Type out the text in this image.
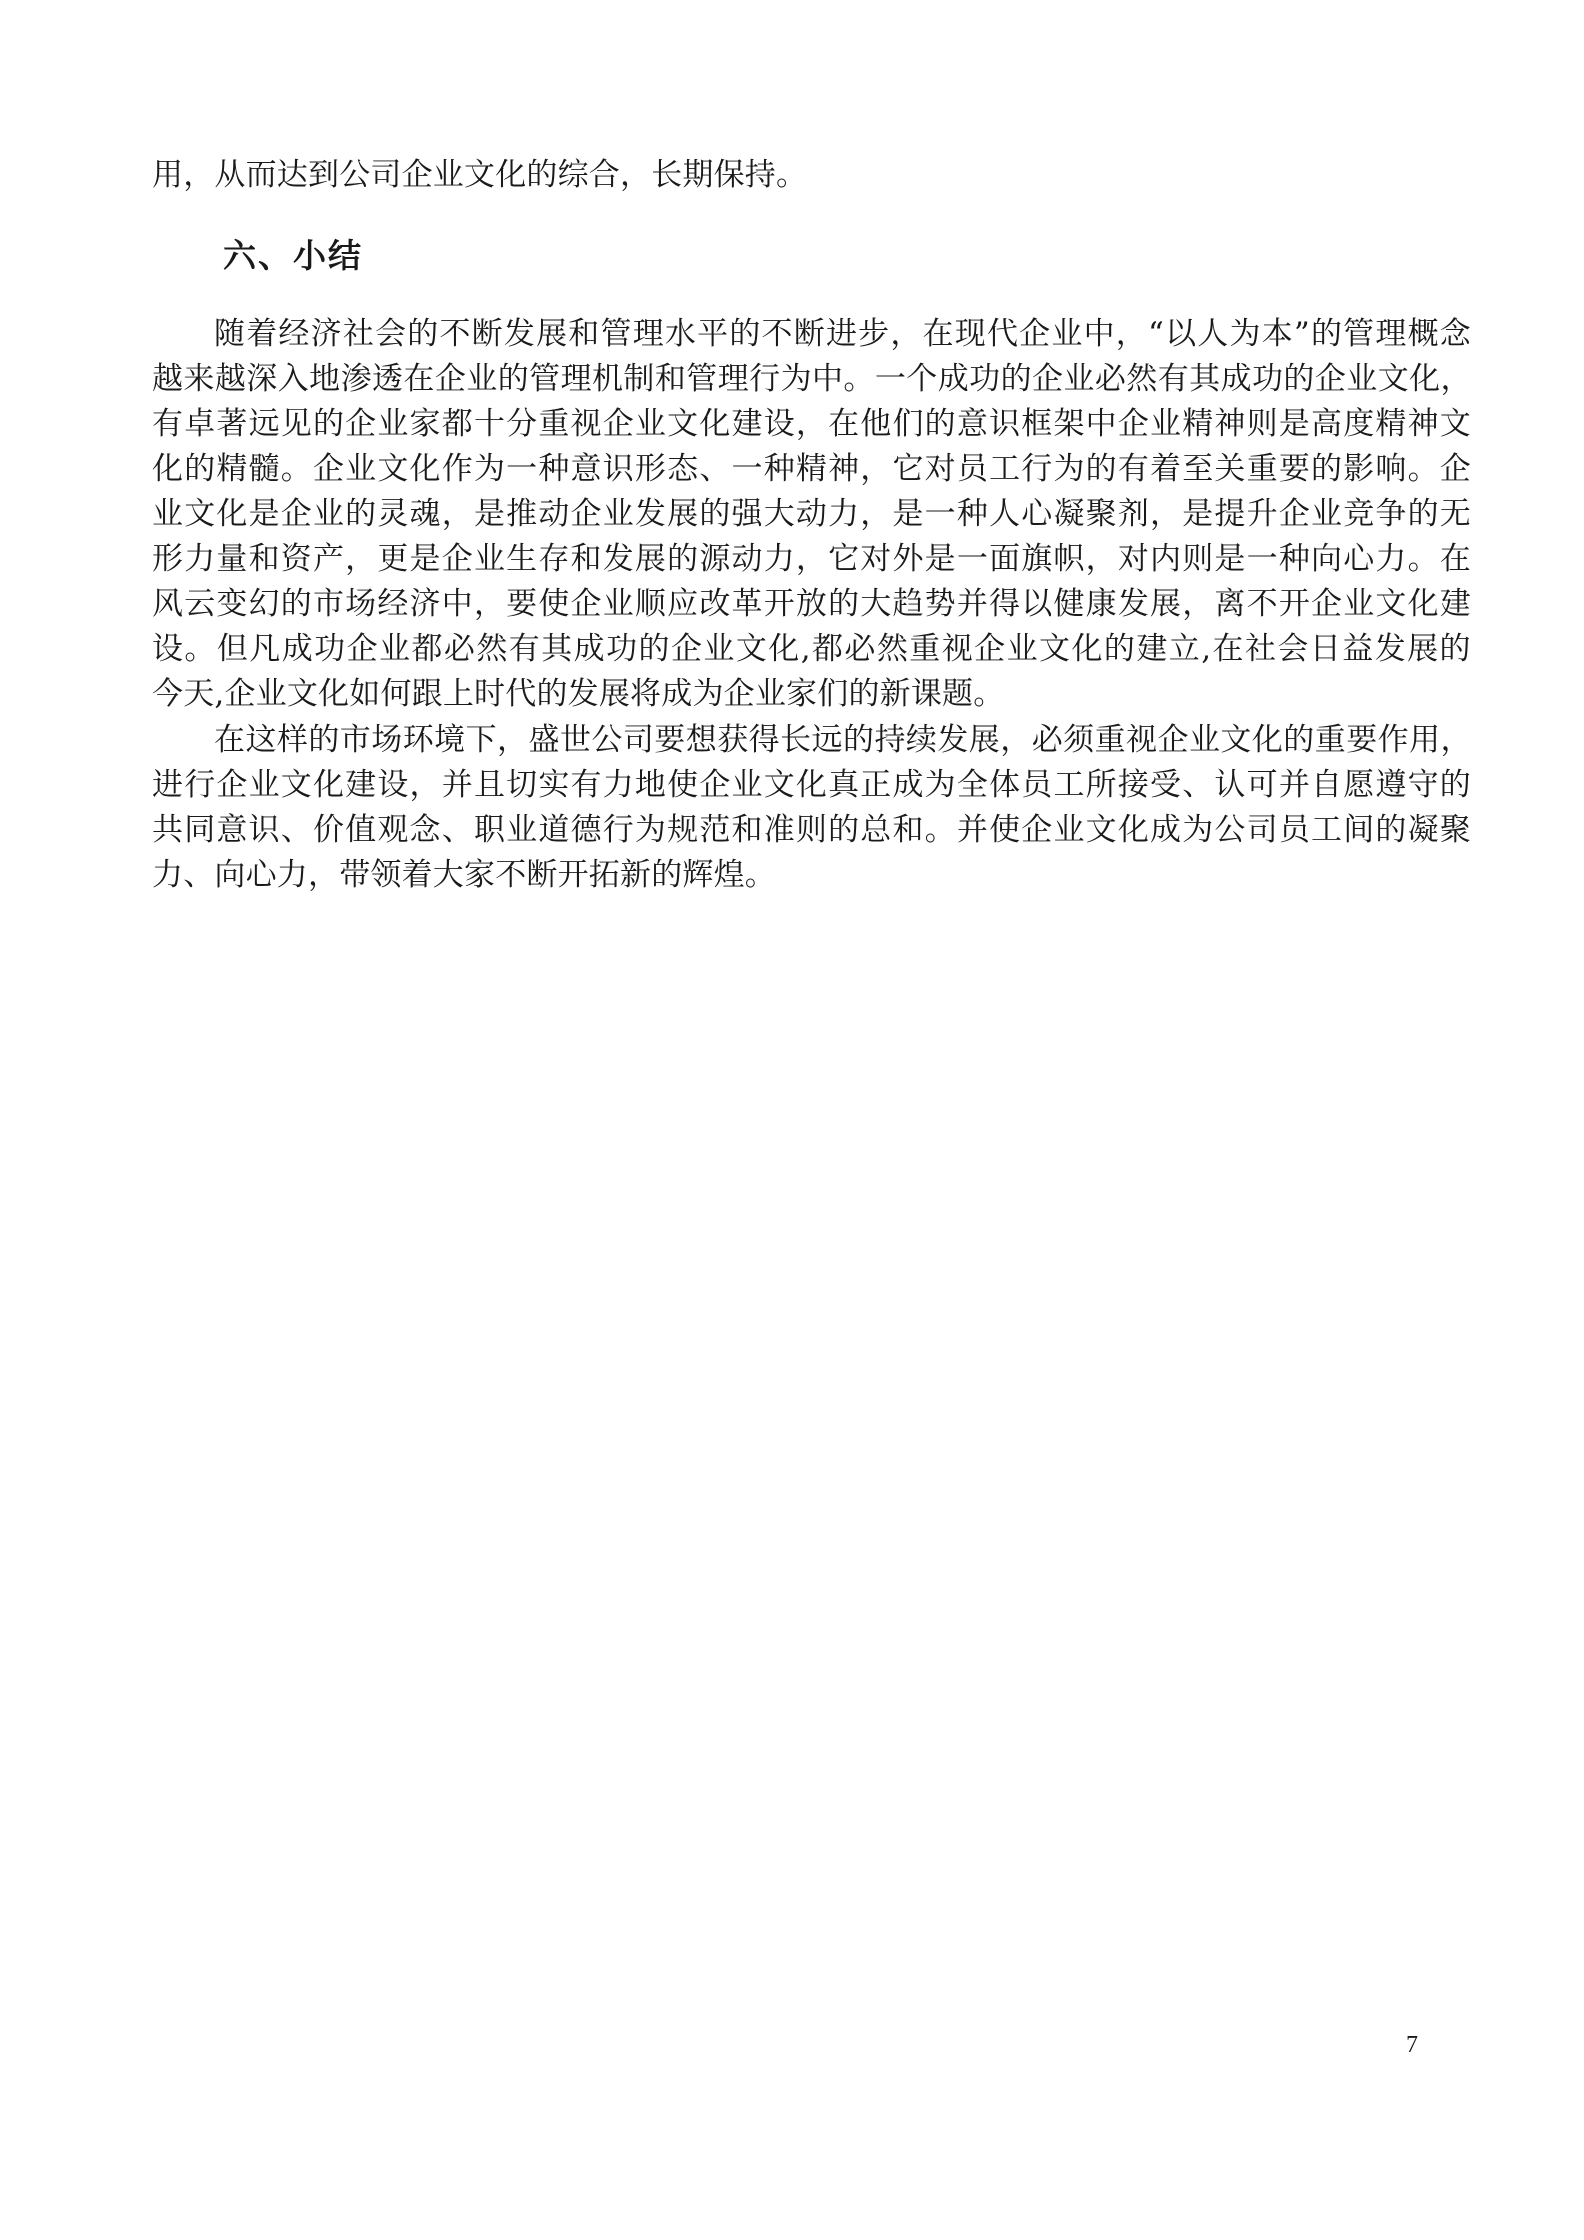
用，从而达到公司企业文化的综合，长期保持。
六、小结
随着经济社会的不断发展和管理水平的不断进步，在现代企业中，“以人为本”的管理概念
越来越深入地渗透在企业的管理机制和管理行为中。一个成功的企业必然有其成功的企业文化，
有卓著远见的企业家都十分重视企业文化建设，在他们的意识框架中企业精神则是高度精神文
化的精髓。企业文化作为一种意识形态、一种精神，它对员工行为的有着至关重要的影响。企
业文化是企业的灵魂，是推动企业发展的强大动力，是一种人心凝聚剂，是提升企业竞争的无
形力量和资产，更是企业生存和发展的源动力，它对外是一面旗帜，对内则是一种向心力。在
风云变幻的市场经济中，要使企业顺应改革开放的大趋势并得以健康发展，离不开企业文化建
设。但凡成功企业都必然有其成功的企业文化,都必然重视企业文化的建立,在社会日益发展的
今天,企业文化如何跟上时代的发展将成为企业家们的新课题。
在这样的市场环境下，盛世公司要想获得长远的持续发展，必须重视企业文化的重要作用，
进行企业文化建设，并且切实有力地使企业文化真正成为全体员工所接受、认可并自愿遵守的
共同意识、价值观念、职业道德行为规范和准则的总和。并使企业文化成为公司员工间的凝聚
力、向心力，带领着大家不断开拓新的辉煌。
7
